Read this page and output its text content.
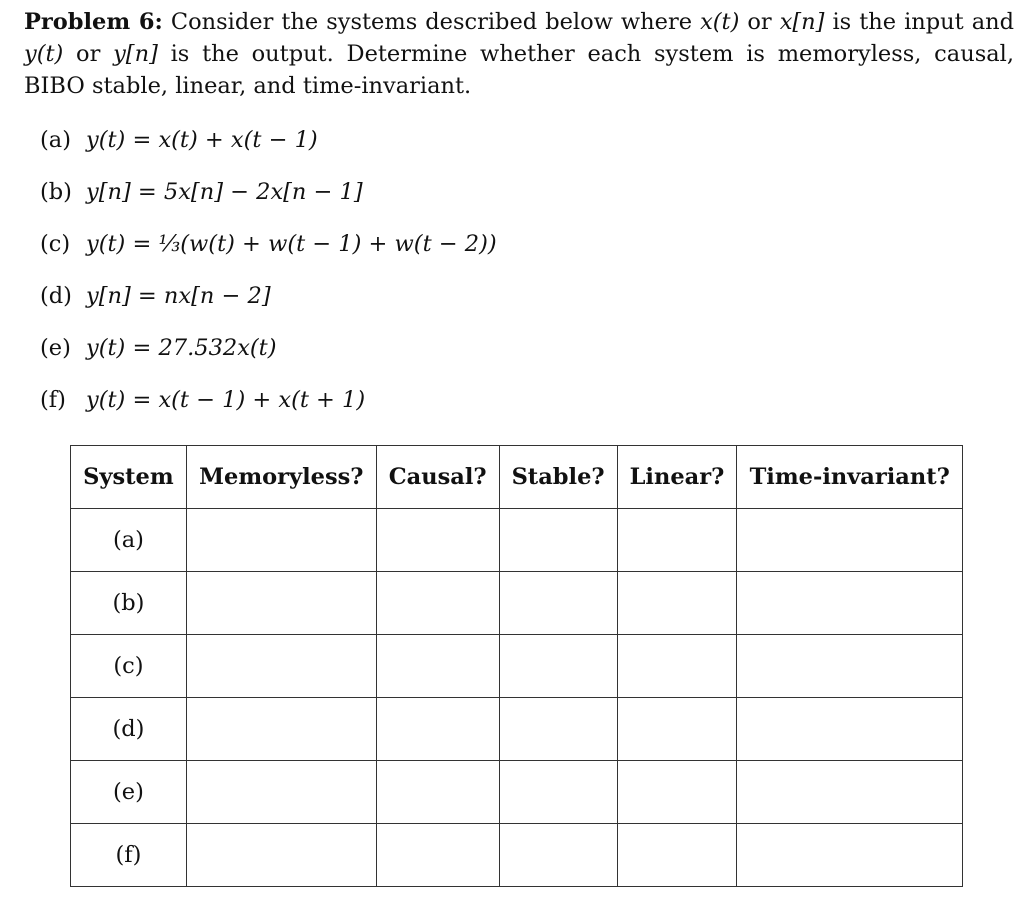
Problem 6: Consider the systems described below where x(t) or x[n] is the input and y(t) or y[n] is the output. Determine whether each system is memoryless, causal, BIBO stable, linear, and time-invariant.
(a) y(t) = x(t) + x(t − 1)
(b) y[n] = 5x[n] − 2x[n − 1]
(c) y(t) = ⅓(w(t) + w(t − 1) + w(t − 2))
(d) y[n] = nx[n − 2]
(e) y(t) = 27.532x(t)
(f) y(t) = x(t − 1) + x(t + 1)
System	Memoryless?	Causal?	Stable?	Linear?	Time-invariant?
(a)					
(b)					
(c)					
(d)					
(e)					
(f)					
